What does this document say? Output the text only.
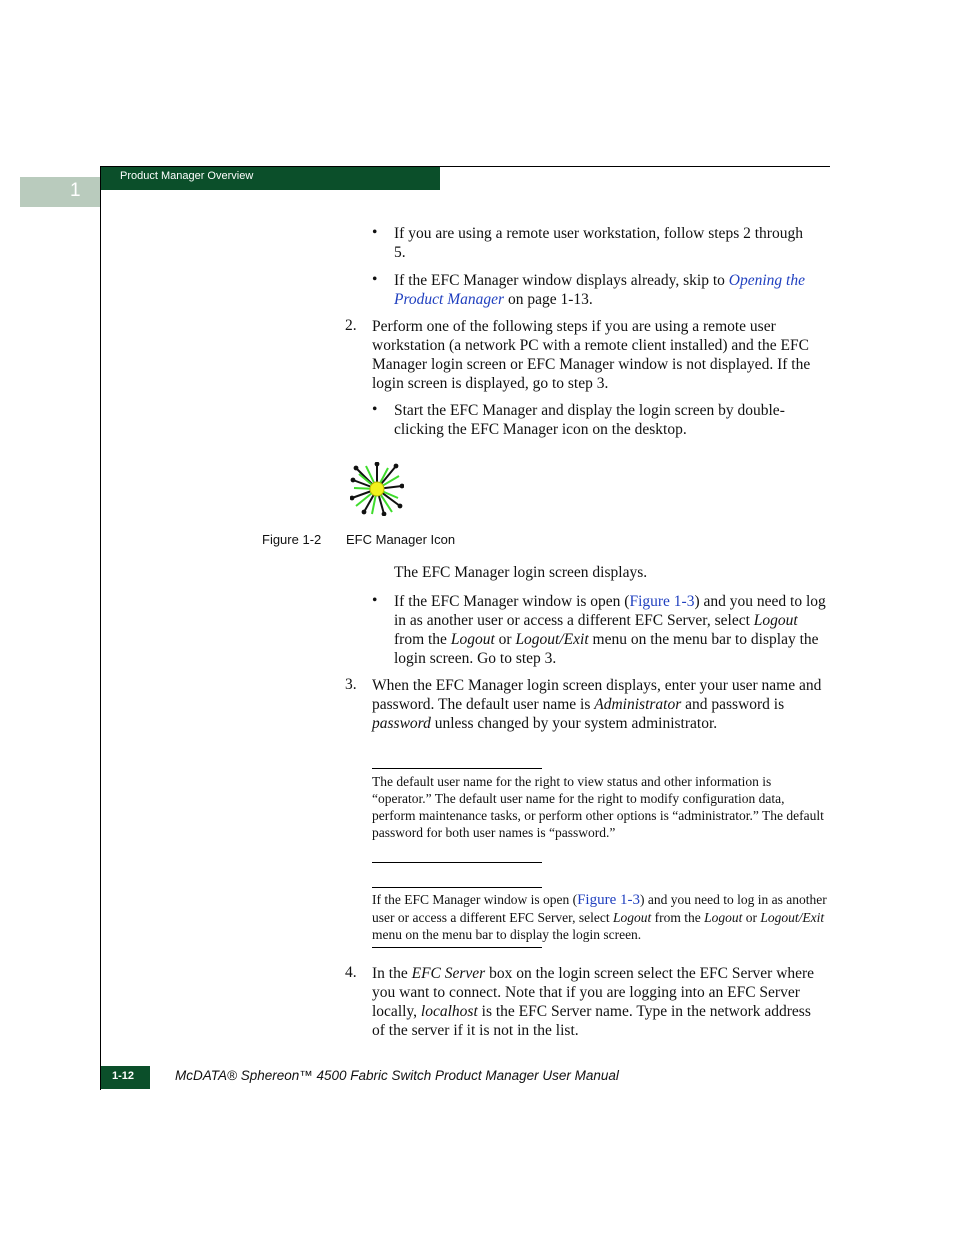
1
Product Manager Overview
• If you are using a remote user workstation, follow steps 2 through 5.
• If the EFC Manager window displays already, skip to Opening the Product Manager on page 1-13.
2. Perform one of the following steps if you are using a remote user workstation (a network PC with a remote client installed) and the EFC Manager login screen or EFC Manager window is not displayed. If the login screen is displayed, go to step 3.
• Start the EFC Manager and display the login screen by double-clicking the EFC Manager icon on the desktop.
Figure 1-2 EFC Manager Icon
The EFC Manager login screen displays.
• If the EFC Manager window is open (Figure 1-3) and you need to log in as another user or access a different EFC Server, select Logout from the Logout or Logout/Exit menu on the menu bar to display the login screen. Go to step 3.
3. When the EFC Manager login screen displays, enter your user name and password. The default user name is Administrator and password is password unless changed by your system administrator.
The default user name for the right to view status and other information is “operator.” The default user name for the right to modify configuration data, perform maintenance tasks, or perform other options is “administrator.” The default password for both user names is “password.”
If the EFC Manager window is open (Figure 1-3) and you need to log in as another user or access a different EFC Server, select Logout from the Logout or Logout/Exit menu on the menu bar to display the login screen.
4. In the EFC Server box on the login screen select the EFC Server where you want to connect. Note that if you are logging into an EFC Server locally, localhost is the EFC Server name. Type in the network address of the server if it is not in the list.
1-12	McDATA® Sphereon™ 4500 Fabric Switch Product Manager User Manual
